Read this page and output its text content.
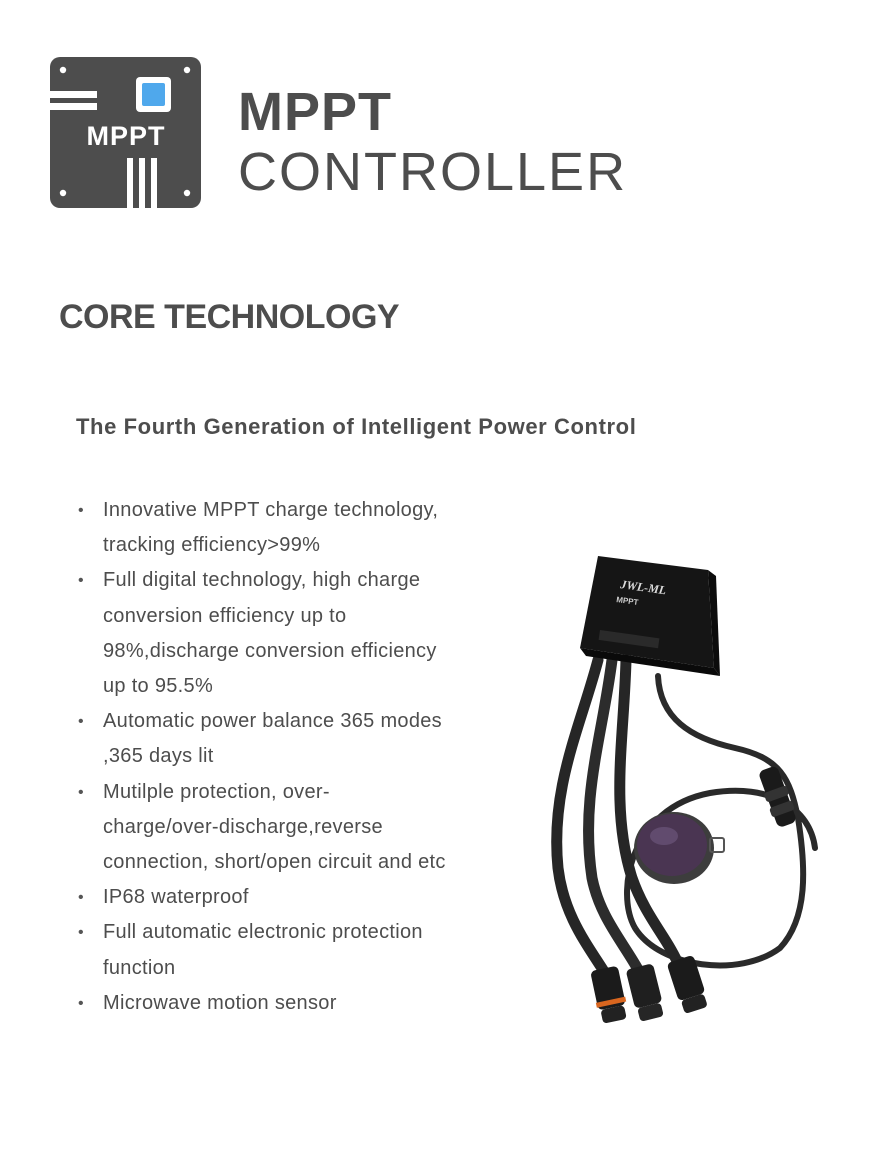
MPPT MPPT
CONTROLLER
CORE TECHNOLOGY
The Fourth Generation of Intelligent Power Control
• Innovative MPPT charge technology,
tracking efficiency>99%
• Full digital technology, high charge
conversion efficiency up to
98%,discharge conversion efficiency
up to 95.5%
• Automatic power balance 365 modes
,365 days lit
• Mutilple protection, over-
charge/over-discharge,reverse
connection, short/open circuit and etc
• IP68 waterproof
• Full automatic electronic protection
function
• Microwave motion sensor
JWL-ML
MPPT
